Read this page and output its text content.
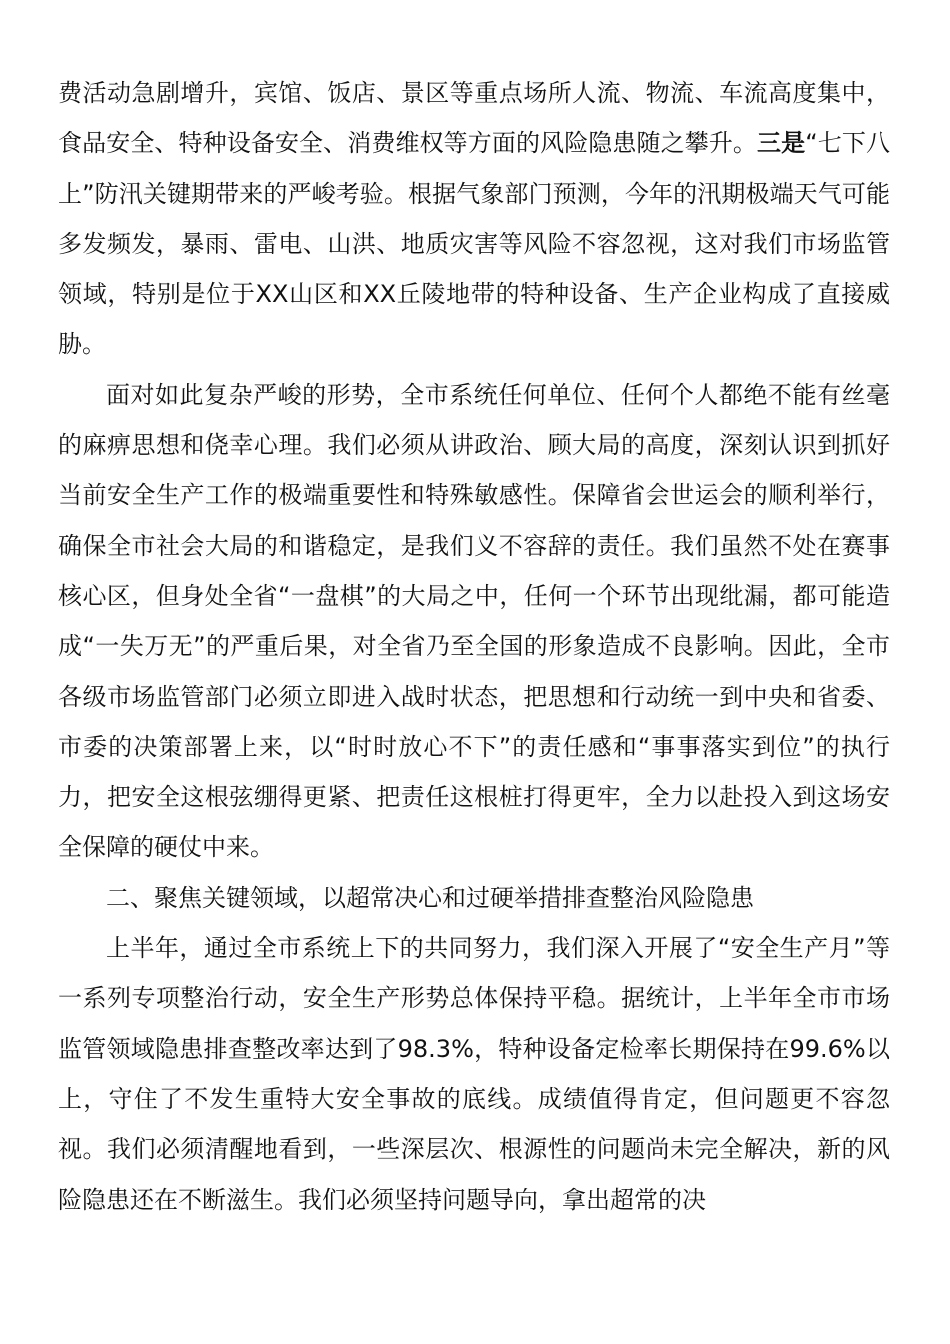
费活动急剧增升，宾馆、饭店、景区等重点场所人流、物流、车流高度集中，食品安全、特种设备安全、消费维权等方面的风险隐患随之攀升。三是“七下八上”防汛关键期带来的严峻考验。根据气象部门预测，今年的汛期极端天气可能多发频发，暴雨、雷电、山洪、地质灾害等风险不容忽视，这对我们市场监管领域，特别是位于XX山区和XX丘陵地带的特种设备、生产企业构成了直接威胁。

面对如此复杂严峻的形势，全市系统任何单位、任何个人都绝不能有丝毫的麻痹思想和侥幸心理。我们必须从讲政治、顾大局的高度，深刻认识到抓好当前安全生产工作的极端重要性和特殊敏感性。保障省会世运会的顺利举行，确保全市社会大局的和谐稳定，是我们义不容辞的责任。我们虽然不处在赛事核心区，但身处全省“一盘棋”的大局之中，任何一个环节出现纰漏，都可能造成“一失万无”的严重后果，对全省乃至全国的形象造成不良影响。因此，全市各级市场监管部门必须立即进入战时状态，把思想和行动统一到中央和省委、市委的决策部署上来，以“时时放心不下”的责任感和“事事落实到位”的执行力，把安全这根弦绷得更紧、把责任这根桩打得更牢，全力以赴投入到这场安全保障的硬仗中来。

二、聚焦关键领域，以超常决心和过硬举措排查整治风险隐患

上半年，通过全市系统上下的共同努力，我们深入开展了“安全生产月”等一系列专项整治行动，安全生产形势总体保持平稳。据统计，上半年全市市场监管领域隐患排查整改率达到了98.3%，特种设备定检率长期保持在99.6%以上，守住了不发生重特大安全事故的底线。成绩值得肯定，但问题更不容忽视。我们必须清醒地看到，一些深层次、根源性的问题尚未完全解决，新的风险隐患还在不断滋生。我们必须坚持问题导向，拿出超常的决
